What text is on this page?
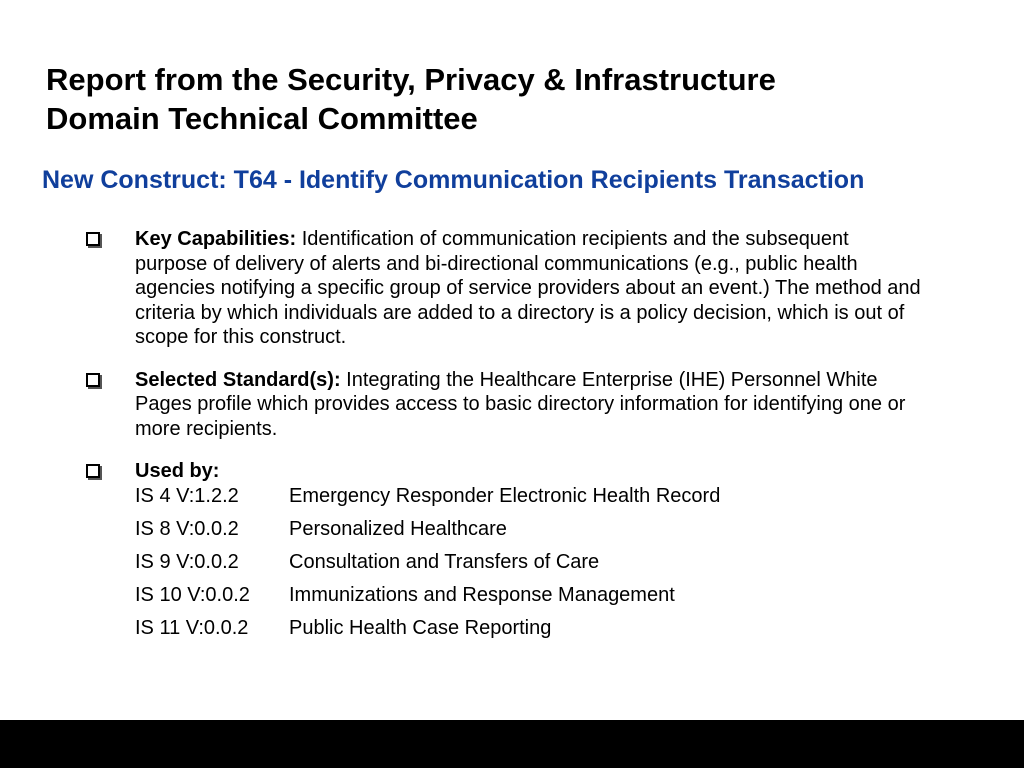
Report from the Security, Privacy & Infrastructure
Domain Technical Committee
New Construct: T64 - Identify Communication Recipients Transaction
Key Capabilities: Identification of communication recipients and the subsequent purpose of delivery of alerts and bi-directional communications (e.g., public health agencies notifying a specific group of service providers about an event.) The method and criteria by which individuals are added to a directory is a policy decision, which is out of scope for this construct.
Selected Standard(s): Integrating the Healthcare Enterprise (IHE) Personnel White Pages profile which provides access to basic directory information for identifying one or more recipients.
Used by:
IS 4 V:1.2.2	Emergency Responder Electronic Health Record
IS 8 V:0.0.2	Personalized Healthcare
IS 9 V:0.0.2	Consultation and Transfers of Care
IS 10 V:0.0.2	Immunizations and Response Management
IS 11 V:0.0.2	Public Health Case Reporting
